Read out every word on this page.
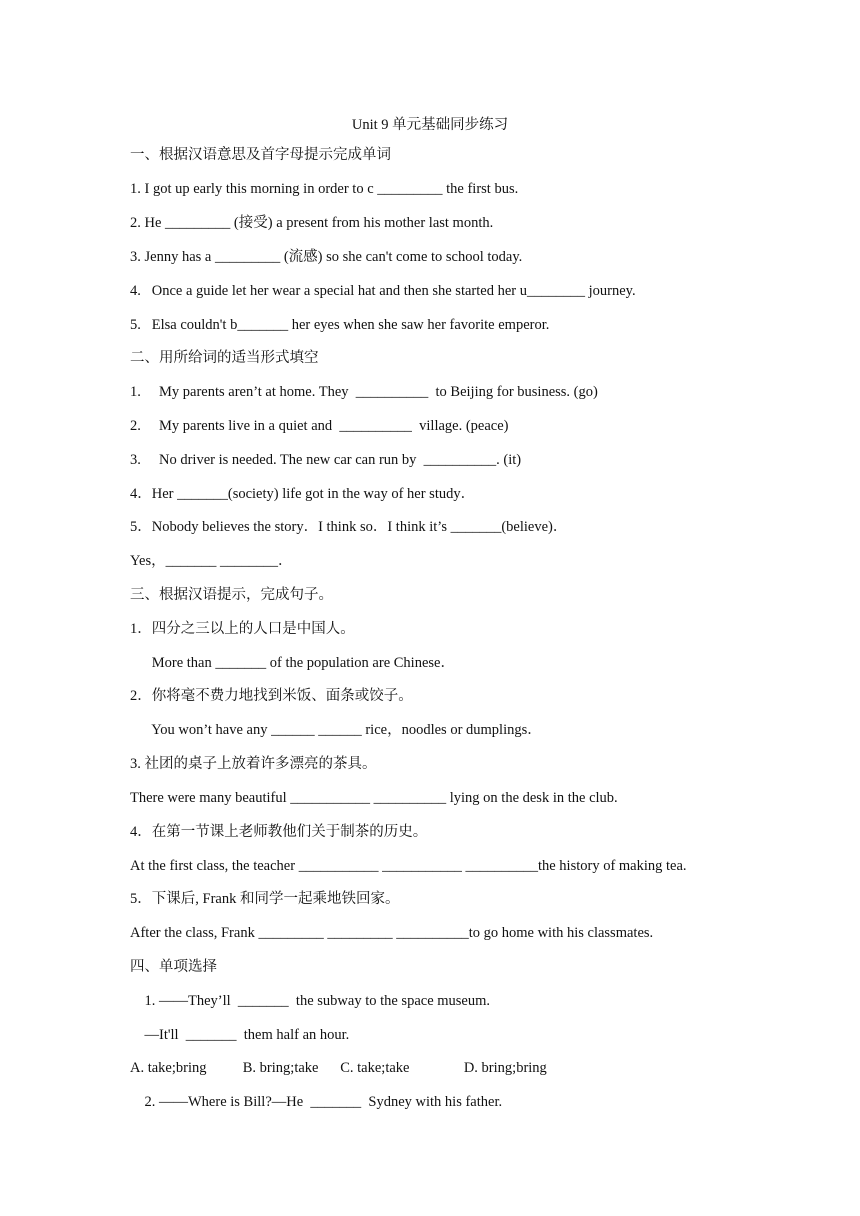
Unit 9 单元基础同步练习
一、根据汉语意思及首字母提示完成单词
1. I got up early this morning in order to c _________ the first bus.
2. He _________ (接受) a present from his mother last month.
3. Jenny has a _________ (流感) so she can't come to school today.
4.   Once a guide let her wear a special hat and then she started her u________ journey.
5.   Elsa couldn't b_______ her eyes when she saw her favorite emperor.
二、用所给词的适当形式填空
1.     My parents aren’t at home. They  __________  to Beijing for business. (go)
2.     My parents live in a quiet and  __________  village. (peace)
3.     No driver is needed. The new car can run by  __________. (it)
4．Her _______(society) life got in the way of her study．
5．Nobody believes the story．I think so．I think it’s _______(believe)．
Yes，_______ ________．
三、根据汉语提示，完成句子。
1．四分之三以上的人口是中国人。
More than _______ of the population are Chinese．
2．你将毫不费力地找到米饭、面条或饺子。
You won’t have any ______ ______ rice，noodles or dumplings．
3. 社团的桌子上放着许多漂亮的茶具。
There were many beautiful ___________ __________ lying on the desk in the club.
4．在第一节课上老师教他们关于制茶的历史。
At the first class, the teacher ___________ ___________ __________the history of making tea.
5．下课后, Frank 和同学一起乘地铁回家。
After the class, Frank _________ _________ __________to go home with his classmates.
四、单项选择
1. ——They’ll  _______  the subway to the space museum.
—It'll  _______  them half an hour.
A. take;bring          B. bring;take      C. take;take               D. bring;bring
2. ——Where is Bill?—He  _______  Sydney with his father.
